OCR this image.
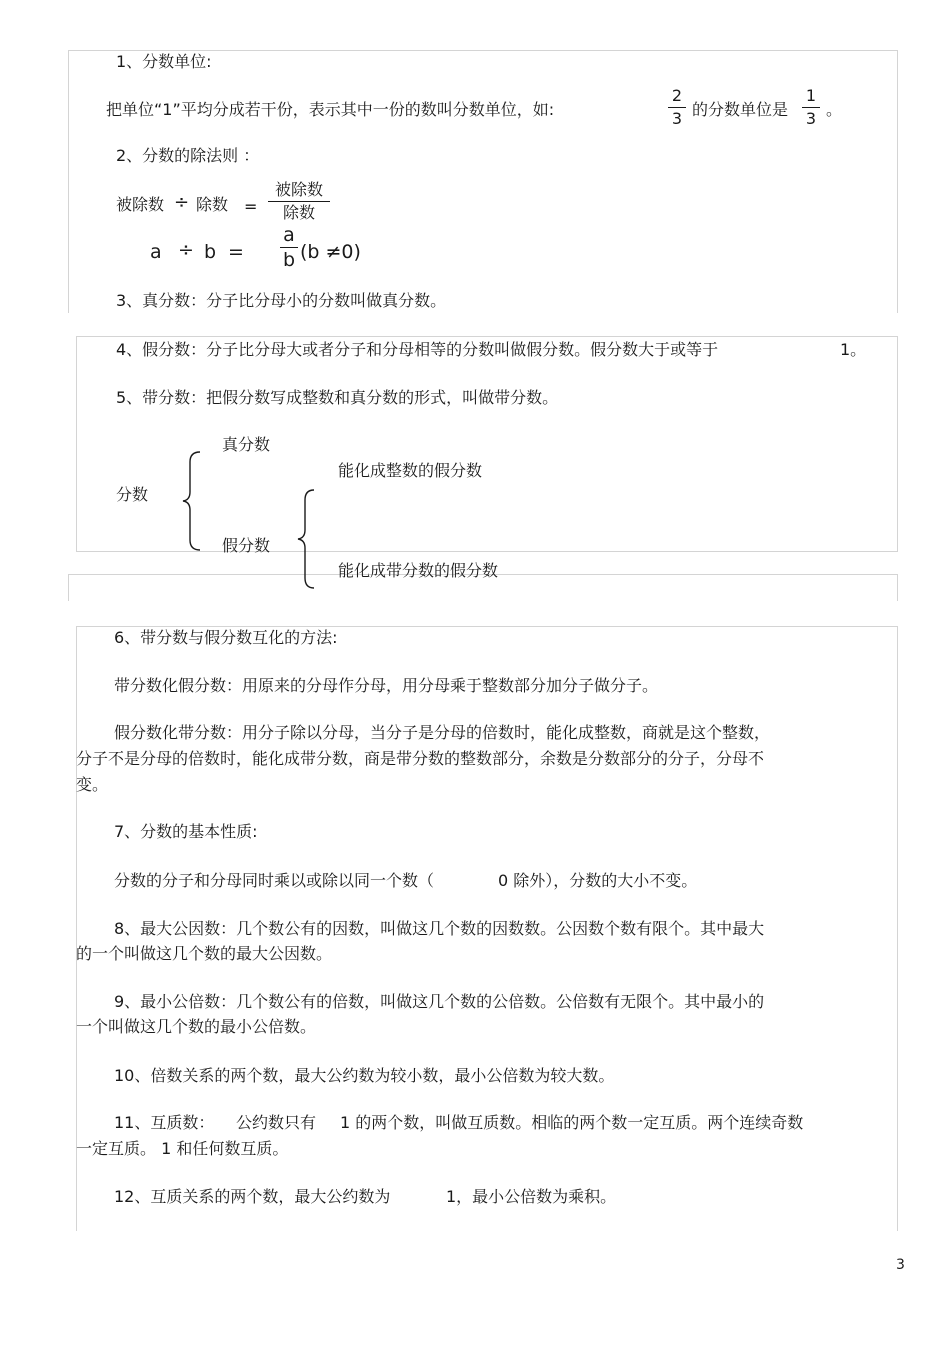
1、分数单位:
把单位“1”平均分成若干份，表示其中一份的数叫分数单位，如:
2
3 的分数单位是
1
3 。
2、分数的除法则 ：
被除数 ÷ 除数 =
被除数
除数
a ÷ b =
a
b (b ≠0)
3、真分数：分子比分母小的分数叫做真分数。
4、假分数：分子比分母大或者分子和分母相等的分数叫做假分数。假分数大于或等于	1。
5、带分数：把假分数写成整数和真分数的形式，叫做带分数。
分数
真分数
假分数
能化成整数的假分数
能化成带分数的假分数
6、带分数与假分数互化的方法:
带分数化假分数：用原来的分母作分母，用分母乘于整数部分加分子做分子。
假分数化带分数：用分子除以分母，当分子是分母的倍数时，能化成整数，商就是这个整数，
分子不是分母的倍数时，能化成带分数，商是带分数的整数部分，余数是分数部分的分子，分母不
变。
7、分数的基本性质:
分数的分子和分母同时乘以或除以同一个数（	0 除外），分数的大小不变。
8、最大公因数：几个数公有的因数，叫做这几个数的因数数。公因数个数有限个。其中最大
的一个叫做这几个数的最大公因数。
9、最小公倍数：几个数公有的倍数，叫做这几个数的公倍数。公倍数有无限个。其中最小的
一个叫做这几个数的最小公倍数。
10、倍数关系的两个数，最大公约数为较小数，最小公倍数为较大数。
11、互质数： 公约数只有 1 的两个数，叫做互质数。相临的两个数一定互质。两个连续奇数
一定互质。 1 和任何数互质。
12、互质关系的两个数，最大公约数为	1，最小公倍数为乘积。
3
